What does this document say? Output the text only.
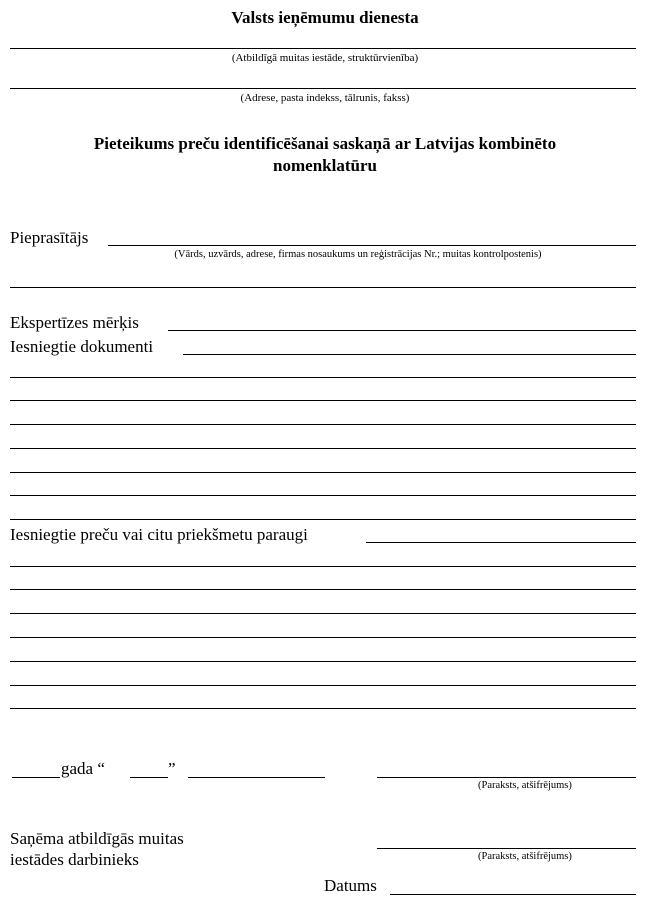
Valsts ieņēmumu dienesta
(Atbildīgā muitas iestāde, struktūrvienība)
(Adrese, pasta indekss, tālrunis, fakss)
Pieteikums preču identificēšanai saskaņā ar Latvijas kombinēto
nomenklatūru
Pieprasītājs
(Vārds, uzvārds, adrese, firmas nosaukums un reģistrācijas Nr.; muitas kontrolpostenis)
Ekspertīzes mērķis
Iesniegtie dokumenti
Iesniegtie preču vai citu priekšmetu paraugi
gada “	”
(Paraksts, atšifrējums)
Saņēma atbildīgās muitas
iestādes darbinieks	(Paraksts, atšifrējums)
Datums
